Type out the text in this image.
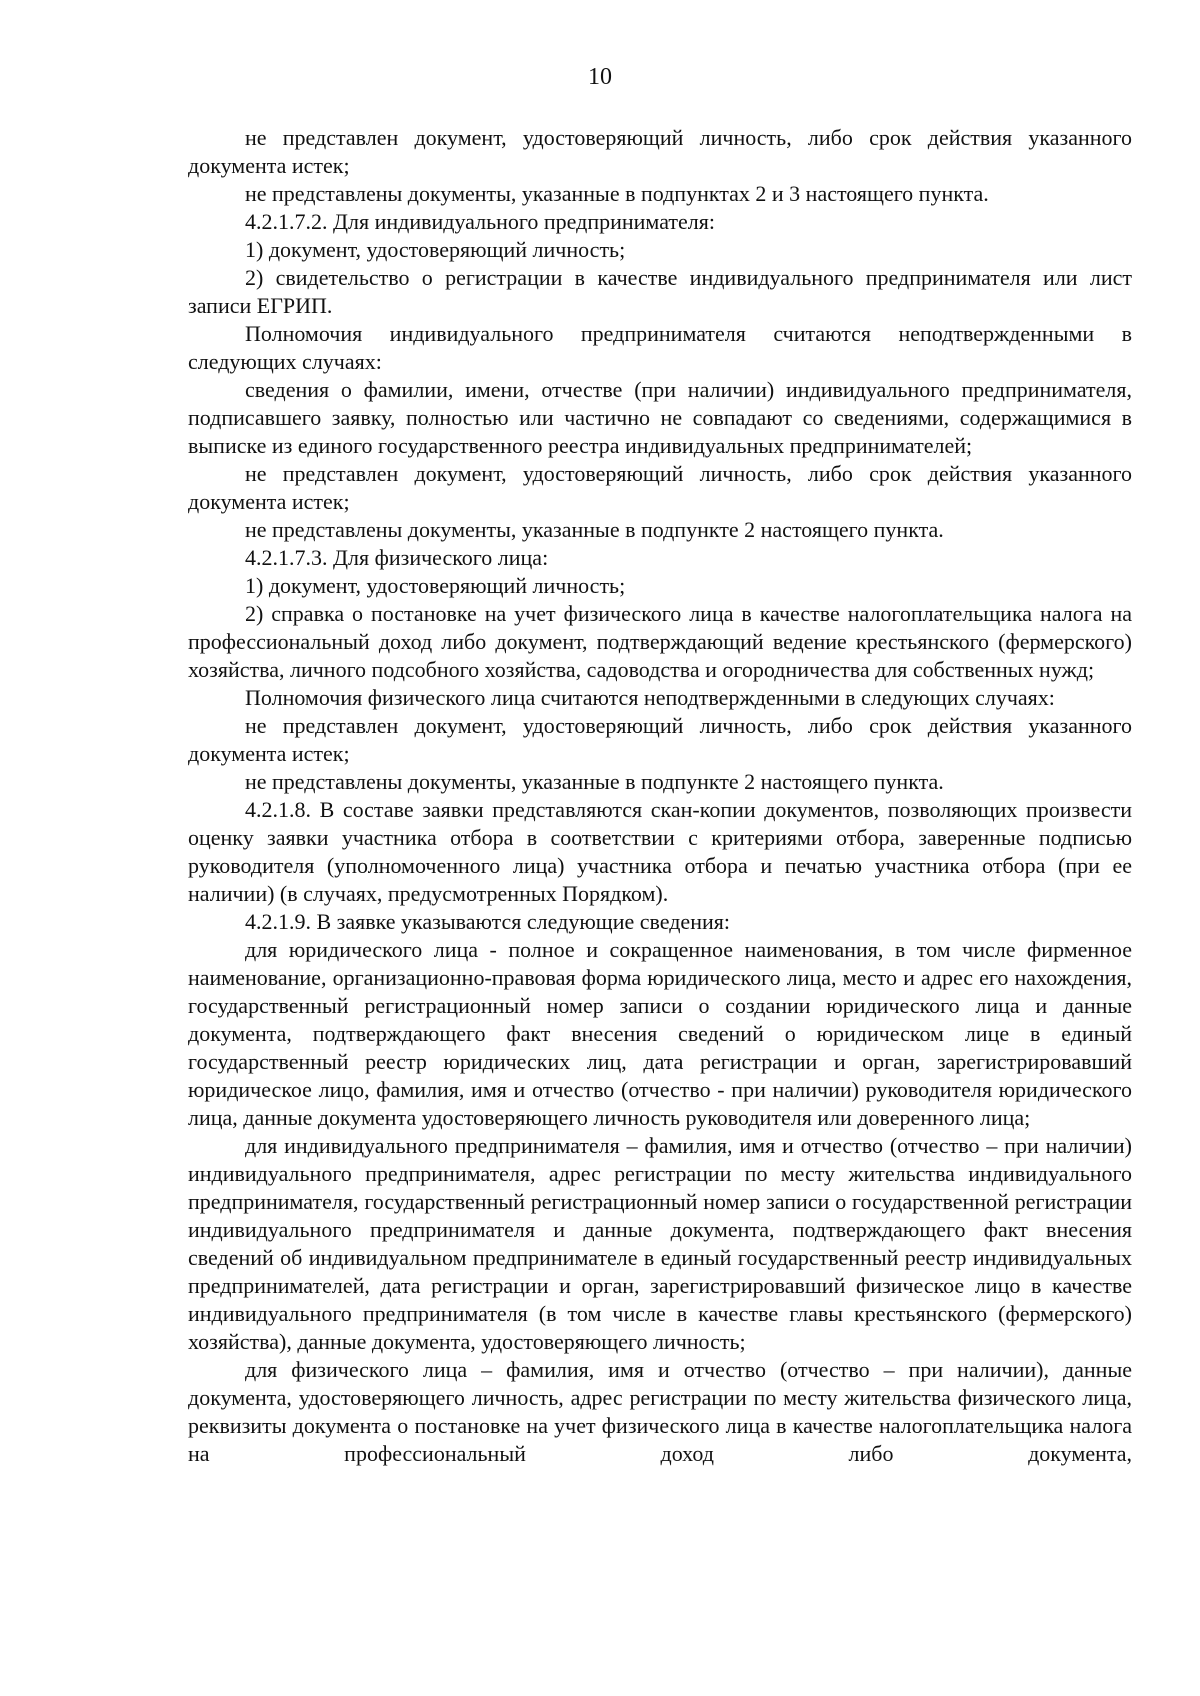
10

не представлен документ, удостоверяющий личность, либо срок действия указанного документа истек;

не представлены документы, указанные в подпунктах 2 и 3 настоящего пункта.

4.2.1.7.2. Для индивидуального предпринимателя:

1) документ, удостоверяющий личность;

2) свидетельство о регистрации в качестве индивидуального предпринимателя или лист записи ЕГРИП.

Полномочия индивидуального предпринимателя считаются неподтвержденными в следующих случаях:

сведения о фамилии, имени, отчестве (при наличии) индивидуального предпринимателя, подписавшего заявку, полностью или частично не совпадают со сведениями, содержащимися в выписке из единого государственного реестра индивидуальных предпринимателей;

не представлен документ, удостоверяющий личность, либо срок действия указанного документа истек;

не представлены документы, указанные в подпункте 2 настоящего пункта.

4.2.1.7.3. Для физического лица:

1) документ, удостоверяющий личность;

2) справка о постановке на учет физического лица в качестве налогоплательщика налога на профессиональный доход либо документ, подтверждающий ведение крестьянского (фермерского) хозяйства, личного подсобного хозяйства, садоводства и огородничества для собственных нужд;

Полномочия физического лица считаются неподтвержденными в следующих случаях:

не представлен документ, удостоверяющий личность, либо срок действия указанного документа истек;

не представлены документы, указанные в подпункте 2 настоящего пункта.

4.2.1.8. В составе заявки представляются скан-копии документов, позволяющих произвести оценку заявки участника отбора в соответствии с критериями отбора, заверенные подписью руководителя (уполномоченного лица) участника отбора и печатью участника отбора (при ее наличии) (в случаях, предусмотренных Порядком).

4.2.1.9. В заявке указываются следующие сведения:

для юридического лица - полное и сокращенное наименования, в том числе фирменное наименование, организационно-правовая форма юридического лица, место и адрес его нахождения, государственный регистрационный номер записи о создании юридического лица и данные документа, подтверждающего факт внесения сведений о юридическом лице в единый государственный реестр юридических лиц, дата регистрации и орган, зарегистрировавший юридическое лицо, фамилия, имя и отчество (отчество - при наличии) руководителя юридического лица, данные документа удостоверяющего личность руководителя или доверенного лица;

для индивидуального предпринимателя – фамилия, имя и отчество (отчество – при наличии) индивидуального предпринимателя, адрес регистрации по месту жительства индивидуального предпринимателя, государственный регистрационный номер записи о государственной регистрации индивидуального предпринимателя и данные документа, подтверждающего факт внесения сведений об индивидуальном предпринимателе в единый государственный реестр индивидуальных предпринимателей, дата регистрации и орган, зарегистрировавший физическое лицо в качестве индивидуального предпринимателя (в том числе в качестве главы крестьянского (фермерского) хозяйства), данные документа, удостоверяющего личность;

для физического лица – фамилия, имя и отчество (отчество – при наличии), данные документа, удостоверяющего личность, адрес регистрации по месту жительства физического лица, реквизиты документа о постановке на учет физического лица в качестве налогоплательщика налога на профессиональный доход либо документа,
